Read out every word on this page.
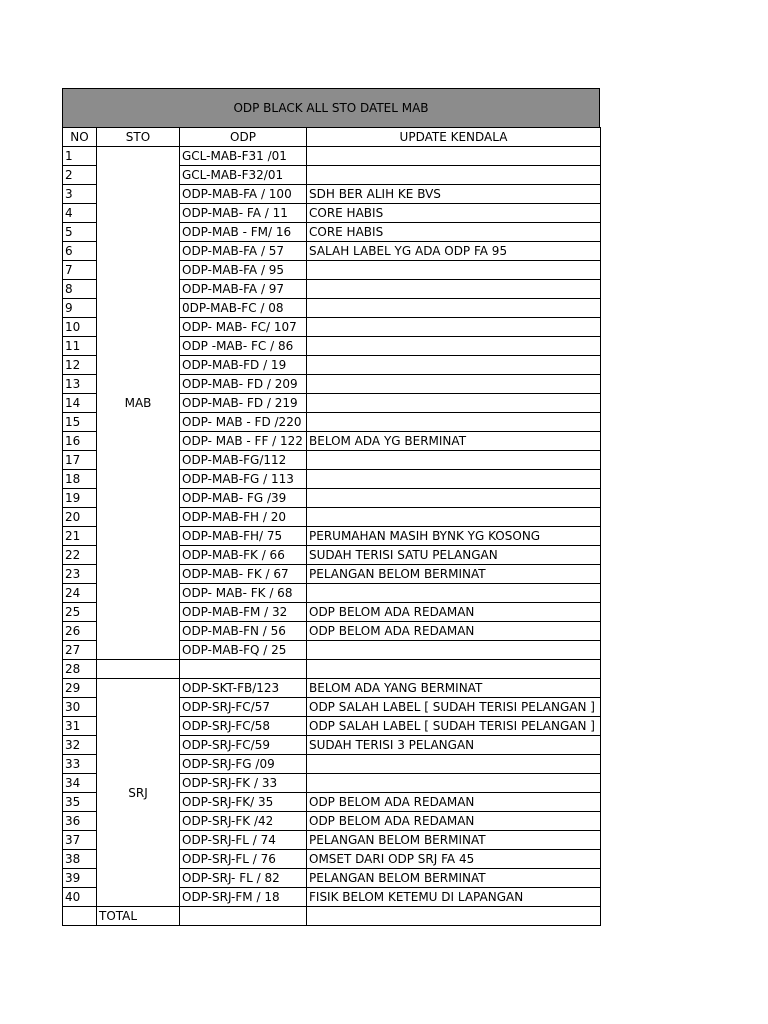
ODP BLACK ALL STO DATEL MAB
NO	STO	ODP	UPDATE KENDALA
1	MAB	GCL-MAB-F31 /01	
2		GCL-MAB-F32/01	
3		ODP-MAB-FA / 100	SDH BER ALIH KE BVS
4		ODP-MAB- FA / 11	CORE HABIS
5		ODP-MAB - FM/ 16	CORE HABIS
6		ODP-MAB-FA / 57	SALAH LABEL YG ADA ODP FA 95
7		ODP-MAB-FA / 95	
8		ODP-MAB-FA / 97	
9		0DP-MAB-FC / 08	
10		ODP- MAB- FC/ 107	
11		ODP -MAB- FC / 86	
12		ODP-MAB-FD / 19	
13		ODP-MAB- FD / 209	
14		ODP-MAB- FD / 219	
15		ODP- MAB - FD /220	
16		ODP- MAB - FF / 122	BELOM ADA YG BERMINAT
17		ODP-MAB-FG/112	
18		ODP-MAB-FG / 113	
19		ODP-MAB- FG /39	
20		ODP-MAB-FH / 20	
21		ODP-MAB-FH/ 75	PERUMAHAN MASIH BYNK YG KOSONG
22		ODP-MAB-FK / 66	SUDAH TERISI SATU PELANGAN
23		ODP-MAB- FK / 67	PELANGAN BELOM BERMINAT
24		ODP- MAB- FK / 68	
25		ODP-MAB-FM / 32	ODP BELOM ADA REDAMAN
26		ODP-MAB-FN / 56	ODP BELOM ADA REDAMAN
27		ODP-MAB-FQ / 25	
28			
29	SRJ	ODP-SKT-FB/123	BELOM ADA YANG BERMINAT
30		ODP-SRJ-FC/57	ODP SALAH LABEL [ SUDAH TERISI PELANGAN ]
31		ODP-SRJ-FC/58	ODP SALAH LABEL [ SUDAH TERISI PELANGAN ]
32		ODP-SRJ-FC/59	SUDAH TERISI 3 PELANGAN
33		ODP-SRJ-FG /09	
34		ODP-SRJ-FK / 33	
35		ODP-SRJ-FK/ 35	ODP BELOM ADA REDAMAN
36		ODP-SRJ-FK /42	ODP BELOM ADA REDAMAN
37		ODP-SRJ-FL / 74	PELANGAN BELOM BERMINAT
38		ODP-SRJ-FL / 76	OMSET DARI ODP SRJ FA 45
39		ODP-SRJ- FL / 82	PELANGAN BELOM BERMINAT
40		ODP-SRJ-FM / 18	FISIK BELOM KETEMU DI LAPANGAN
	TOTAL		
